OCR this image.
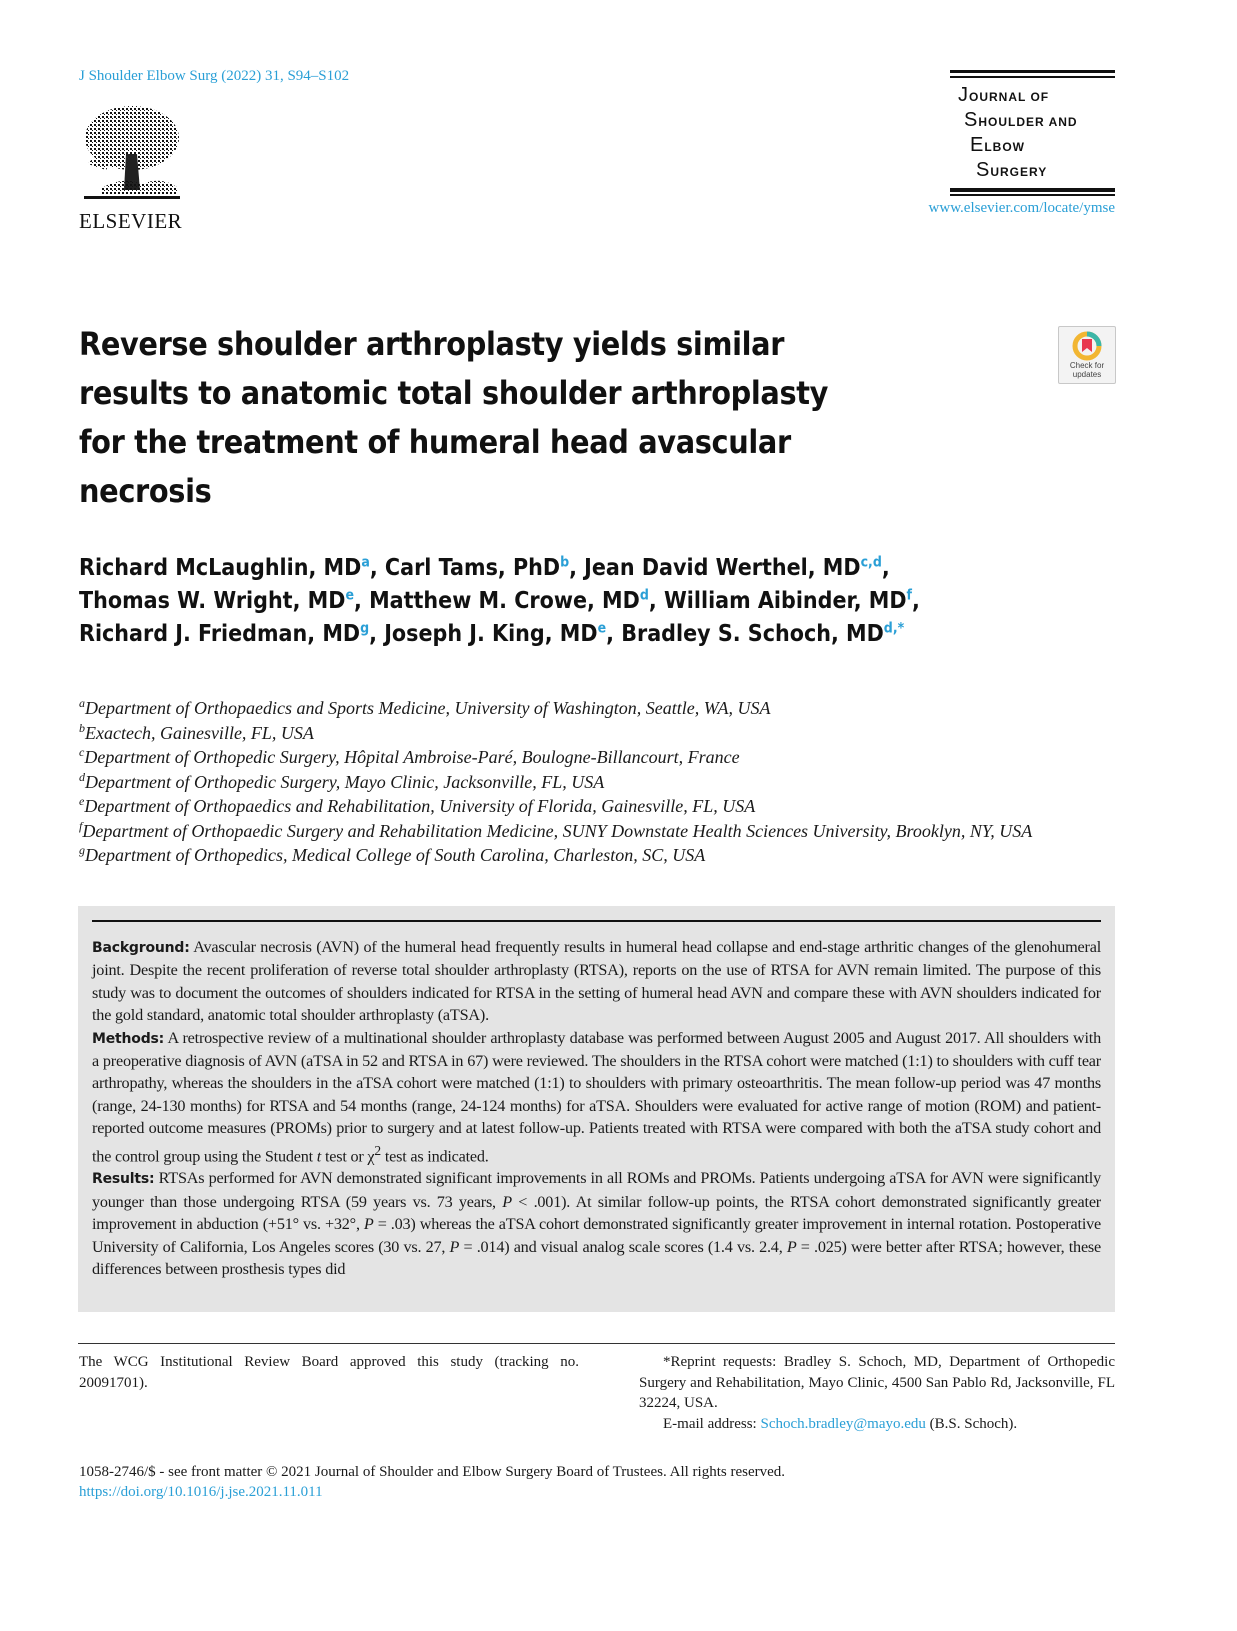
J Shoulder Elbow Surg (2022) 31, S94–S102
ELSEVIER
JOURNAL OF
SHOULDER AND
ELBOW
SURGERY
www.elsevier.com/locate/ymse
Reverse shoulder arthroplasty yields similar results to anatomic total shoulder arthroplasty for the treatment of humeral head avascular necrosis
Check for
updates
Richard McLaughlin, MD$^a$, Carl Tams, PhD$^b$, Jean David Werthel, MD$^{c,d}$,
Thomas W. Wright, MDe, Matthew M. Crowe, MD$^d$, William Aibinder, MD$^f$,
Richard J. Friedman, MD$^g$, Joseph J. King, MDe, Bradley S. Schoch, MD$^{d,*}$
$^a$Department of Orthopaedics and Sports Medicine, University of Washington, Seattle, WA, USA
$^b$Exactech, Gainesville, FL, USA
$^c$Department of Orthopedic Surgery, Hôpital Ambroise-Paré, Boulogne-Billancourt, France
$^d$Department of Orthopedic Surgery, Mayo Clinic, Jacksonville, FL, USA
$^e$Department of Orthopaedics and Rehabilitation, University of Florida, Gainesville, FL, USA
$^f$Department of Orthopaedic Surgery and Rehabilitation Medicine, SUNY Downstate Health Sciences University, Brooklyn, NY, USA
$^g$Department of Orthopedics, Medical College of South Carolina, Charleston, SC, USA
Background: Avascular necrosis (AVN) of the humeral head frequently results in humeral head collapse and end-stage arthritic changes of the glenohumeral joint. Despite the recent proliferation of reverse total shoulder arthroplasty (RTSA), reports on the use of RTSA for AVN remain limited. The purpose of this study was to document the outcomes of shoulders indicated for RTSA in the setting of humeral head AVN and compare these with AVN shoulders indicated for the gold standard, anatomic total shoulder arthroplasty (aTSA).
Methods: A retrospective review of a multinational shoulder arthroplasty database was performed between August 2005 and August 2017. All shoulders with a preoperative diagnosis of AVN (aTSA in 52 and RTSA in 67) were reviewed. The shoulders in the RTSA cohort were matched (1:1) to shoulders with cuff tear arthropathy, whereas the shoulders in the aTSA cohort were matched (1:1) to shoulders with primary osteoarthritis. The mean follow-up period was 47 months (range, 24-130 months) for RTSA and 54 months (range, 24-124 months) for aTSA. Shoulders were evaluated for active range of motion (ROM) and patient-reported outcome measures (PROMs) prior to surgery and at latest follow-up. Patients treated with RTSA were compared with both the aTSA study cohort and the control group using the Student t test or $\chi^2$ test as indicated.
Results: RTSAs performed for AVN demonstrated significant improvements in all ROMs and PROMs. Patients undergoing aTSA for AVN were significantly younger than those undergoing RTSA (59 years vs. 73 years, P < .001). At similar follow-up points, the RTSA cohort demonstrated significantly greater improvement in abduction (+51° vs. +32°, P = .03) whereas the aTSA cohort demonstrated significantly greater improvement in internal rotation. Postoperative University of California, Los Angeles scores (30 vs. 27, P = .014) and visual analog scale scores (1.4 vs. 2.4, P = .025) were better after RTSA; however, these differences between prosthesis types did
The WCG Institutional Review Board approved this study (tracking no. 20091701).
*Reprint requests: Bradley S. Schoch, MD, Department of Orthopedic Surgery and Rehabilitation, Mayo Clinic, 4500 San Pablo Rd, Jacksonville, FL 32224, USA.
E-mail address: Schoch.bradley@mayo.edu (B.S. Schoch).
1058-2746/$ - see front matter © 2021 Journal of Shoulder and Elbow Surgery Board of Trustees. All rights reserved.
https://doi.org/10.1016/j.jse.2021.11.011
